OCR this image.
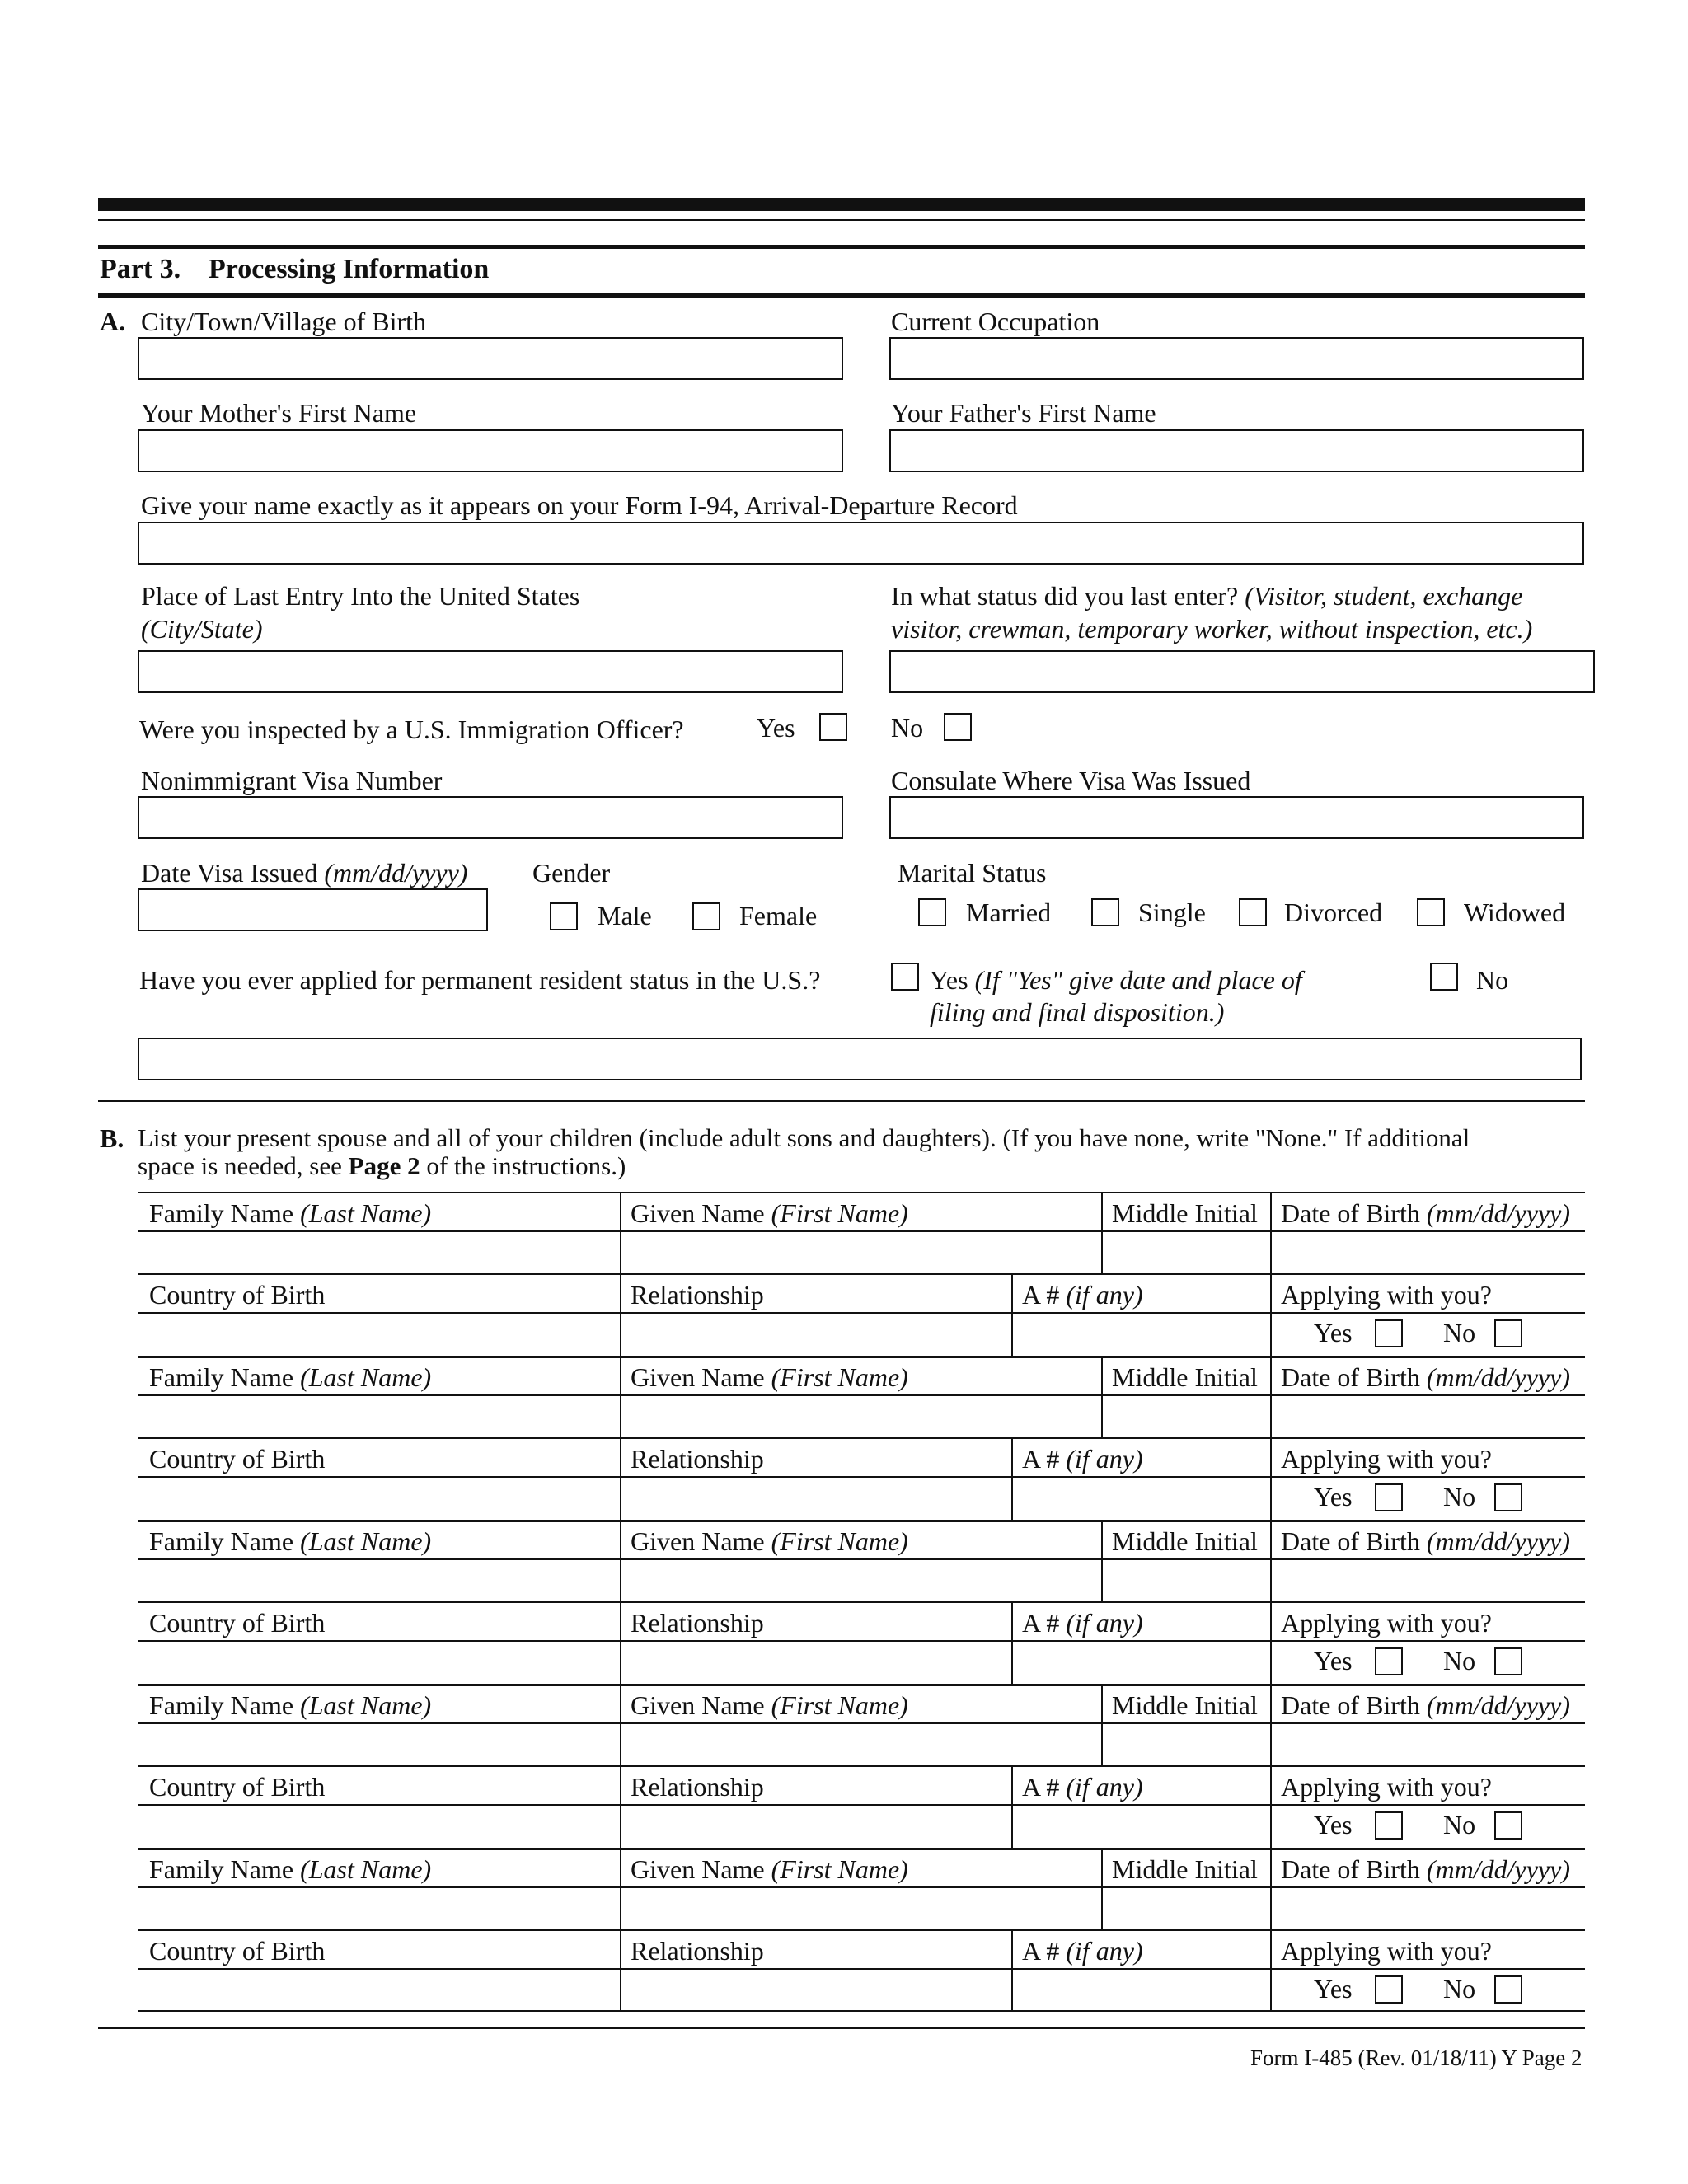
Part 3. Processing Information
A. City/Town/Village of Birth	Current Occupation
Your Mother's First Name	Your Father's First Name
Give your name exactly as it appears on your Form I-94, Arrival-Departure Record
Place of Last Entry Into the United States
(City/State)
In what status did you last enter? (Visitor, student, exchange
visitor, crewman, temporary worker, without inspection, etc.)
Were you inspected by a U.S. Immigration Officer?	Yes	No
Nonimmigrant Visa Number	Consulate Where Visa Was Issued
Date Visa Issued (mm/dd/yyyy) Gender
Male	Female
Marital Status
Married	Single	Divorced	Widowed
Have you ever applied for permanent resident status in the U.S.?	Yes (If "Yes" give date and place of
filing and final disposition.)
No
B. List your present spouse and all of your children (include adult sons and daughters). (If you have none, write "None." If additional
space is needed, see Page 2 of the instructions.)
Family Name (Last Name)	Given Name (First Name)	Middle Initial Date of Birth (mm/dd/yyyy)
Country of Birth	Relationship	A # (if any)	Applying with you?
Yes	No
Family Name (Last Name)	Given Name (First Name)	Middle Initial Date of Birth (mm/dd/yyyy)
Country of Birth	Relationship	A # (if any)	Applying with you?
Yes	No
Family Name (Last Name)	Given Name (First Name)	Middle Initial Date of Birth (mm/dd/yyyy)
Country of Birth	Relationship	A # (if any)	Applying with you?
Yes	No
Family Name (Last Name)	Given Name (First Name)	Middle Initial Date of Birth (mm/dd/yyyy)
Country of Birth	Relationship	A # (if any)	Applying with you?
Yes	No
Family Name (Last Name)	Given Name (First Name)	Middle Initial Date of Birth (mm/dd/yyyy)
Country of Birth	Relationship	A # (if any)	Applying with you?
Yes	No
Form I-485 (Rev. 01/18/11) Y Page 2
